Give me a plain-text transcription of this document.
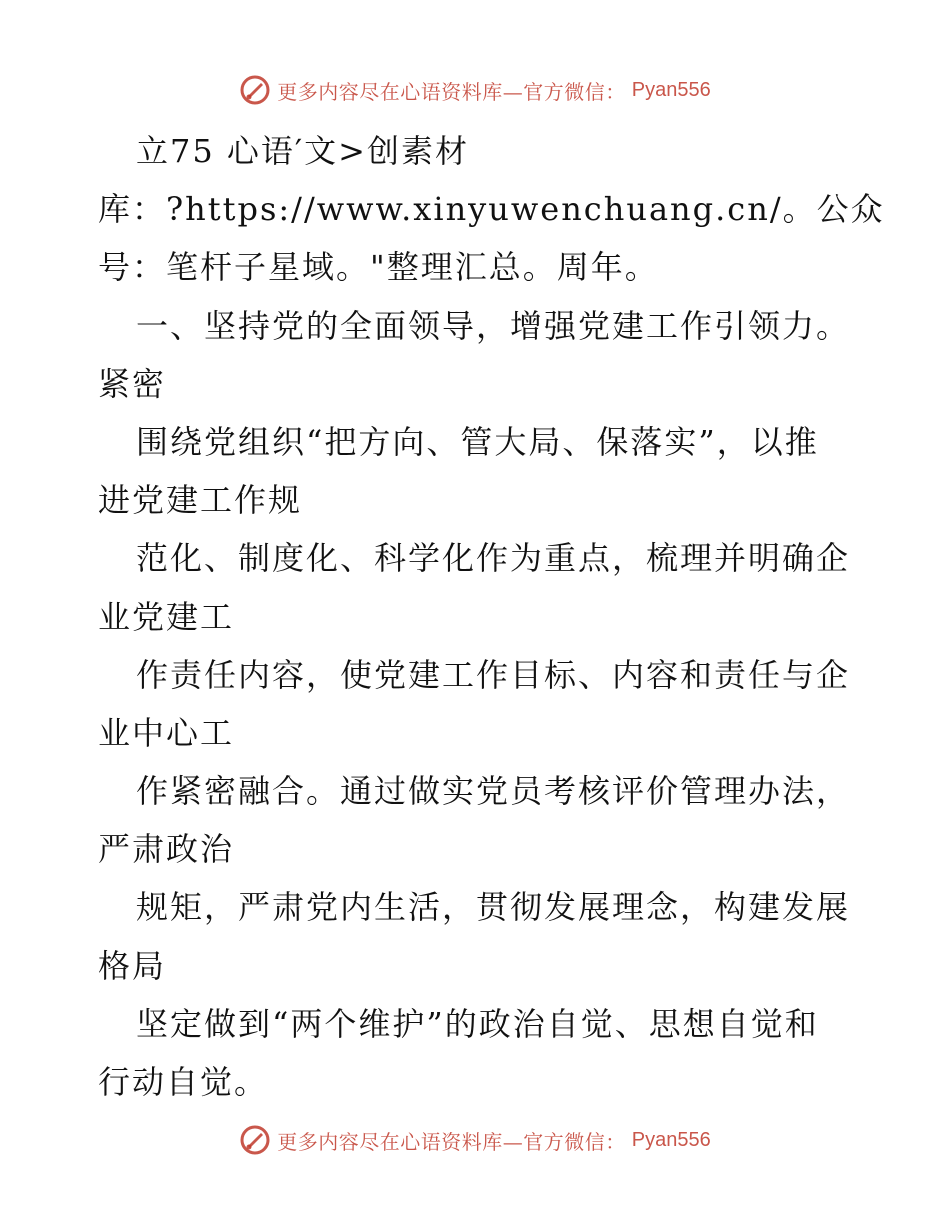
更多内容尽在心语资料库—官方微信： Pyan556
立75 心语′文>创素材
库：?https://www.xinyuwenchuang.cn/。公众
号：笔杆子星域。"整理汇总。周年。
一、坚持党的全面领导，增强党建工作引领力。
紧密
围绕党组织“把方向、管大局、保落实”，以推
进党建工作规
范化、制度化、科学化作为重点，梳理并明确企
业党建工
作责任内容，使党建工作目标、内容和责任与企
业中心工
作紧密融合。通过做实党员考核评价管理办法，
严肃政治
规矩，严肃党内生活，贯彻发展理念，构建发展
格局
坚定做到“两个维护”的政治自觉、思想自觉和
行动自觉。
更多内容尽在心语资料库—官方微信： Pyan556
